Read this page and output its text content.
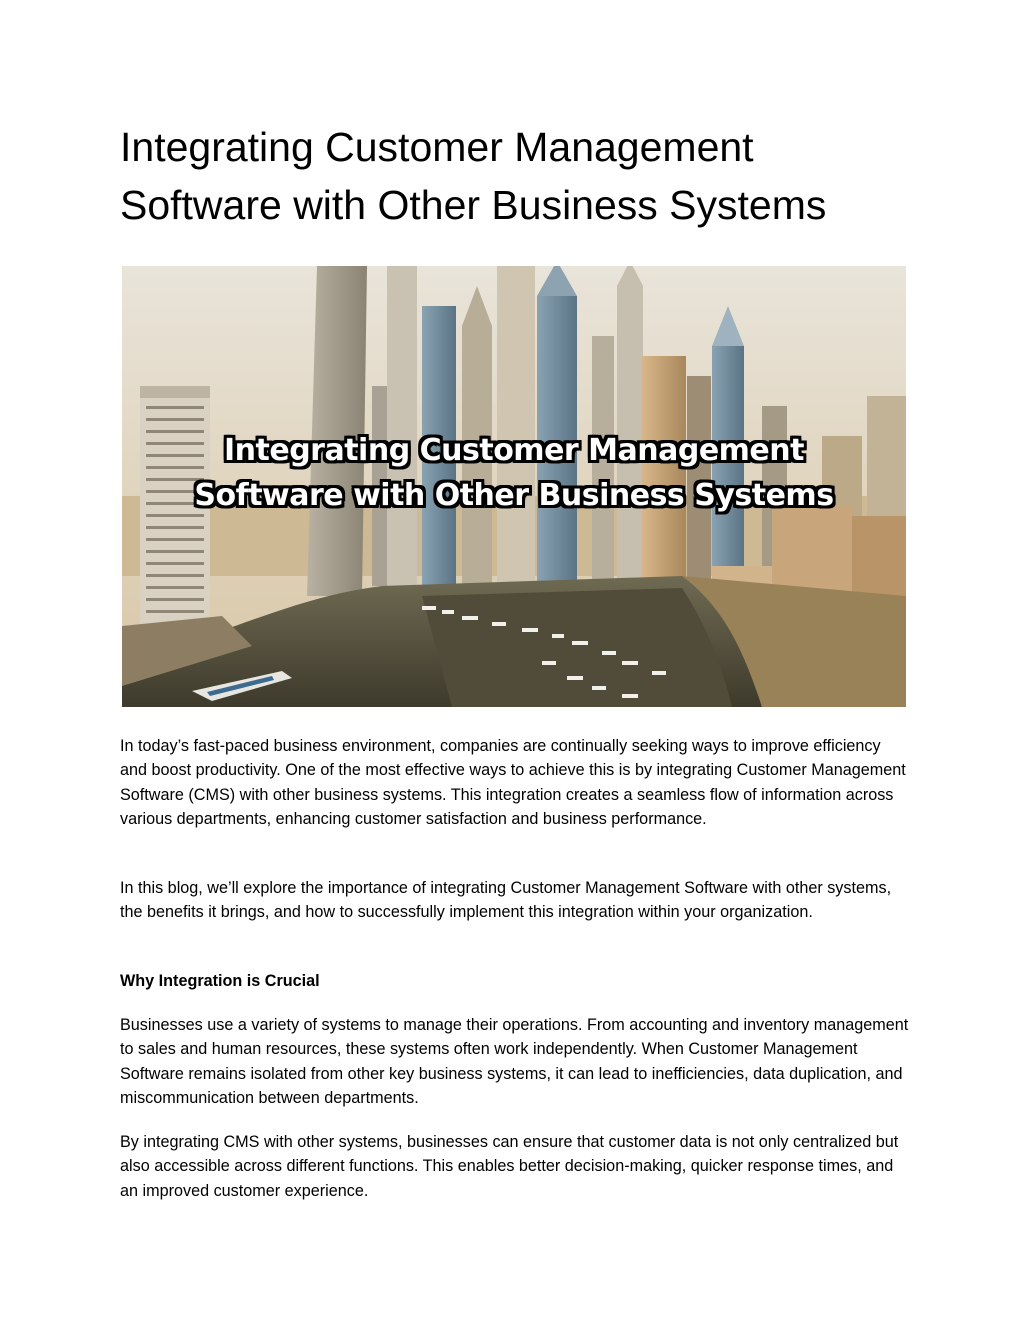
Integrating Customer Management Software with Other Business Systems
Integrating Customer Management
Software with Other Business Systems

In today’s fast-paced business environment, companies are continually seeking ways to improve efficiency and boost productivity. One of the most effective ways to achieve this is by integrating Customer Management Software (CMS) with other business systems. This integration creates a seamless flow of information across various departments, enhancing customer satisfaction and business performance.

In this blog, we’ll explore the importance of integrating Customer Management Software with other systems, the benefits it brings, and how to successfully implement this integration within your organization.

Why Integration is Crucial

Businesses use a variety of systems to manage their operations. From accounting and inventory management to sales and human resources, these systems often work independently. When Customer Management Software remains isolated from other key business systems, it can lead to inefficiencies, data duplication, and miscommunication between departments.

By integrating CMS with other systems, businesses can ensure that customer data is not only centralized but also accessible across different functions. This enables better decision-making, quicker response times, and an improved customer experience.
